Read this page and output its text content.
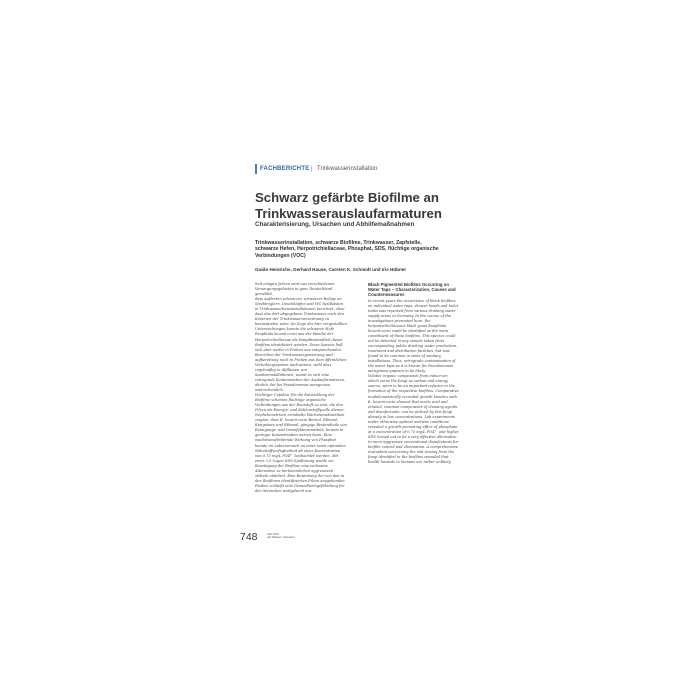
FACHBERICHTE | Trinkwasserinstallation
Schwarz gefärbte Biofilme an Trinkwasserauslaufarmaturen
Charakterisierung, Ursachen und Abhilfemaßnahmen
Trinkwasserinstallation, schwarze Biofilme, Trinkwasser, Zapfstelle, schwarze Hefen, Herpotrichiellaceae, Phosphat, SDS, flüchtige organische Verbindungen (VOC)
Guido Heinrichs, Gerhard Hause, Carsten K. Schmidt und Iris Hübner
Seit einigen Jahren wird aus verschiedenen Versorgungsgebieten in ganz Deutschland gemeldet,
dass Auftreten schwarzer, schwarzer Beläge an Strahlreglern, Duschköpfen und WC-Spülkästen in Trinkwasserhausinstallationen berichtet, ohne dass das dort abgegebene Trinkwasser nach den Kriterien der Trinkwasserverordnung zu beanstanden wäre. Im Zuge der hier vorgestellten Untersuchungen konnte die schwarze Hefe Exophiala lecanii-corni aus der Familie der Herpotrichiellaceae als Hauptbestandteil dieser Biofilme identifiziert werden. Diese Spezies ließ sich aber weder in Proben aus entsprechenden Bereichen der Trinkwassergewinnung und -aufbereitung noch in Proben aus dem öffentlichen Verteilungssystem nachweisen, wohl aber regelmäßig in Abflüssen von Sanitärinstallationen, womit es sich eine retrograde Kontamination der Auslaufarmaturen, ähnlich der bei Pseudomonas aeruginosa, wahrscheinlich.
Wichtiger Cofaktor für die Entwicklung der Biofilme scheinen flüchtige organische Verbindungen aus der Raumluft zu sein, die den Pilzen als Energie- und Kohlenstoffquelle dienen. Nephelometrisch ermittelte Wachstumskinetiken zeigten, dass E. lecanii-corni Benzol, Ethanol, Essigsäure und Ethanol, gängige Bestandteile von Reinigungs- und Desinfektionsmitteln, bereits in geringer Konzentration nutzen kann. Eine wachstumsfördernde Wirkung von Phosphat konnte im Laborversuch an einer sonst optimalen Nährstoffverfügbarkeit ab einer Konzentration von 0,75 mg/L PO4³⁻ beobachtet werden. Mit einer 2,5 %igen SDS-Spüllösung wurde zur Beseitigung der Biofilme eine wirksame Alternative zu herkömmlichen aggressiven Mitteln etabliert. Eine Bewertung der von den in den Biofilmen identifizierten Pilzen ausgehenden Risiken schließt eine Gesundheitsgefährdung für den Menschen weitgehend aus.
Black Pigmented Biofilms Occurring on Water Taps – Characterization, Causes and Countermeasures
In recent years the occurrence of black biofilms on individual water taps, shower heads and toilet tanks was reported from various drinking water supply areas in Germany. In the course of the investigations presented here, the herpotrichiellaceous black yeast Exophiala lecanii-corni could be identified as the main constituent of these biofilms. This species could not be detected in any sample taken from corresponding public drinking water production, treatment and distribution facilities, but was found to be common in sinks of sanitary installations. Thus, retrograde contamination of the water taps as it is known for Pseudomonas aeruginosa appears to be likely.
Volatile organic compounds from indoor air, which serve the fungi as carbon and energy source, seem to be an important cofactor in the formation of the respective biofilms. Comparative nephelometrically recorded growth kinetics with E. lecanii-corni showed that acetic acid and ethanol, common components of cleaning agents and disinfectants, can be utilized by this fungi already at low concentrations. Lab experiments under otherwise optimal nutrient conditions revealed a growth-promoting effect of phosphate at a concentration of 0.75 mg/L PO4³⁻ and higher. SDS turned out to be a very effective alternative to more aggressive conventional disinfectants for biofilm control and elimination. A comprehensive evaluation concerning the risk arising from the fungi identified in the biofilms revealed that health hazards to humans are rather unlikely.
748	Heft 2018
gwf Wasser | Abwasser
